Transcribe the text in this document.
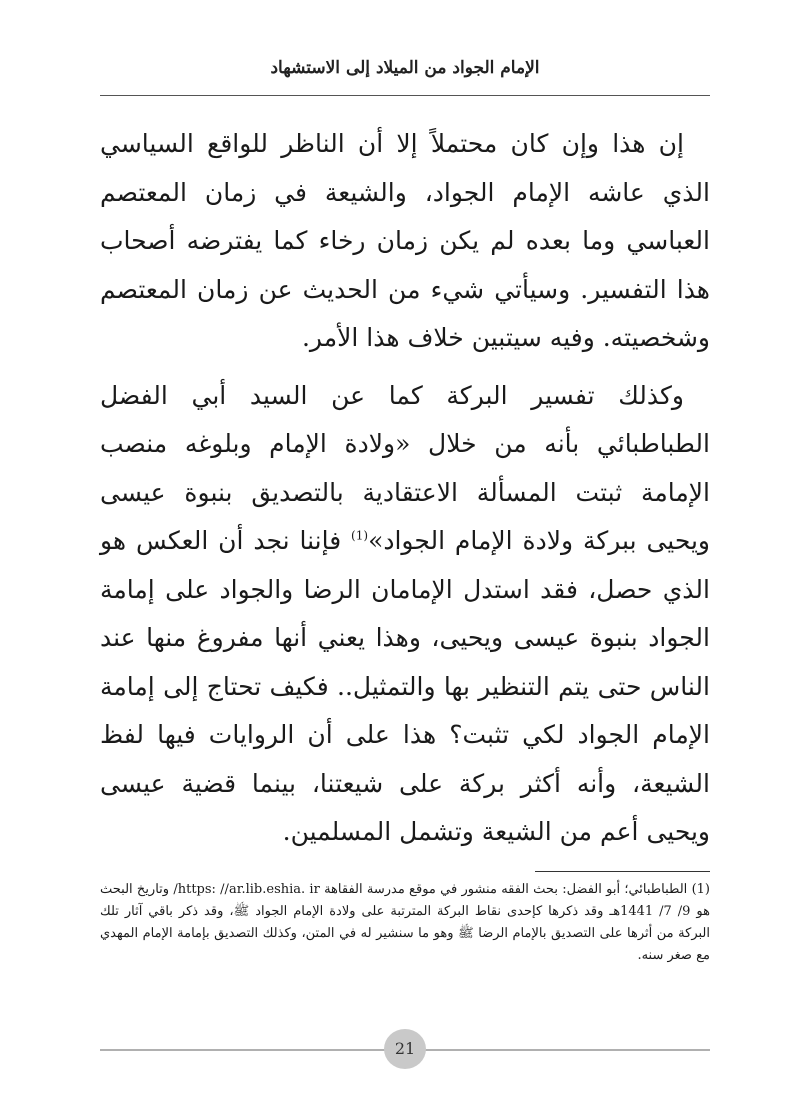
الإمام الجواد من الميلاد إلى الاستشهاد

إن هذا وإن كان محتملاً إلا أن الناظر للواقع السياسي الذي عاشه الإمام الجواد، والشيعة في زمان المعتصم العباسي وما بعده لم يكن زمان رخاء كما يفترضه أصحاب هذا التفسير. وسيأتي شيء من الحديث عن زمان المعتصم وشخصيته. وفيه سيتبين خلاف هذا الأمر.

وكذلك تفسير البركة كما عن السيد أبي الفضل الطباطبائي بأنه من خلال «ولادة الإمام وبلوغه منصب الإمامة ثبتت المسألة الاعتقادية بالتصديق بنبوة عيسى ويحيى ببركة ولادة الإمام الجواد»$^{(1)}$ فإننا نجد أن العكس هو الذي حصل، فقد استدل الإمامان الرضا والجواد على إمامة الجواد بنبوة عيسى ويحيى، وهذا يعني أنها مفروغ منها عند الناس حتى يتم التنظير بها والتمثيل.. فكيف تحتاج إلى إمامة الإمام الجواد لكي تثبت؟ هذا على أن الروايات فيها لفظ الشيعة، وأنه أكثر بركة على شيعتنا، بينما قضية عيسى ويحيى أعم من الشيعة وتشمل المسلمين.

(1) الطباطبائي؛ أبو الفضل: بحث الفقه منشور في موقع مدرسة الفقاهة https: //ar.lib.eshia. ir/ وتاريخ البحث هو 9/ 7/ 1441هـ وقد ذكرها كإحدى نقاط البركة المترتبة على ولادة الإمام الجواد ﷺ، وقد ذكر باقي آثار تلك البركة من أثرها على التصديق بالإمام الرضا ﷺ وهو ما سنشير له في المتن، وكذلك التصديق بإمامة الإمام المهدي مع صغر سنه.

21
